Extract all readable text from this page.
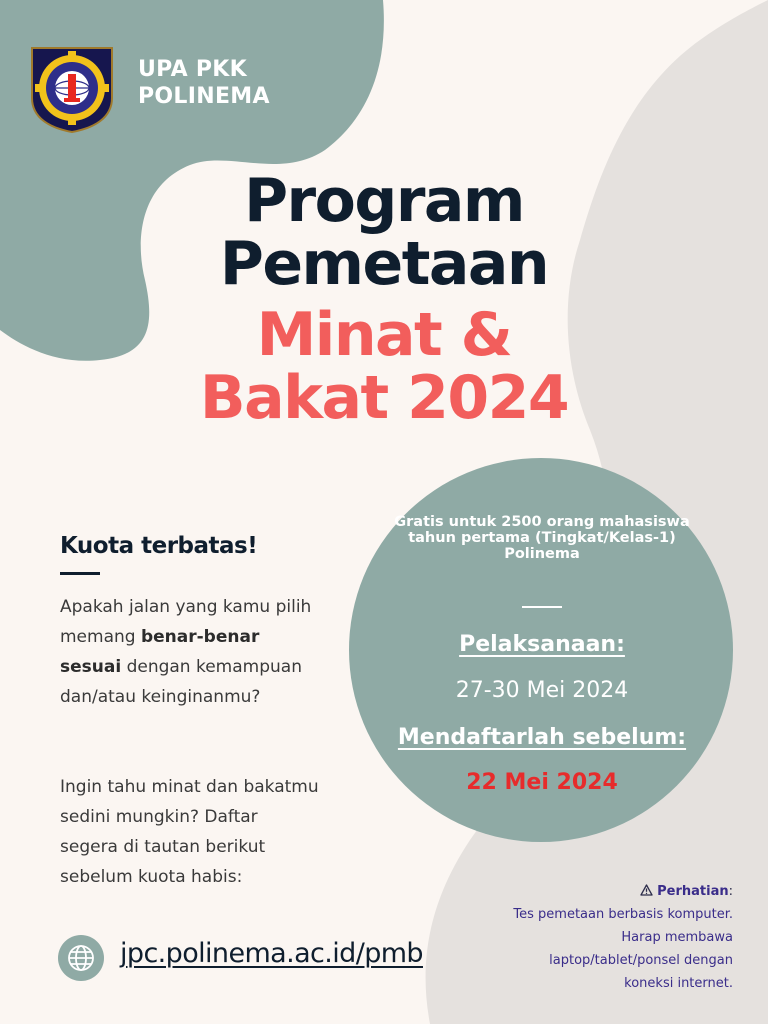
UPA PKK
POLINEMA
Program
Pemetaan
Minat &
Bakat 2024
Kuota terbatas!
Apakah jalan yang kamu pilih memang benar-benar sesuai dengan kemampuan dan/atau keinginanmu?
Ingin tahu minat dan bakatmu sedini mungkin? Daftar segera di tautan berikut sebelum kuota habis:
jpc.polinema.ac.id/pmb
Gratis untuk 2500 orang mahasiswa tahun pertama (Tingkat/Kelas-1) Polinema
Pelaksanaan:
27-30 Mei 2024
Mendaftarlah sebelum:
22 Mei 2024
Perhatian:
Tes pemetaan berbasis komputer.
Harap membawa
laptop/tablet/ponsel dengan
koneksi internet.
